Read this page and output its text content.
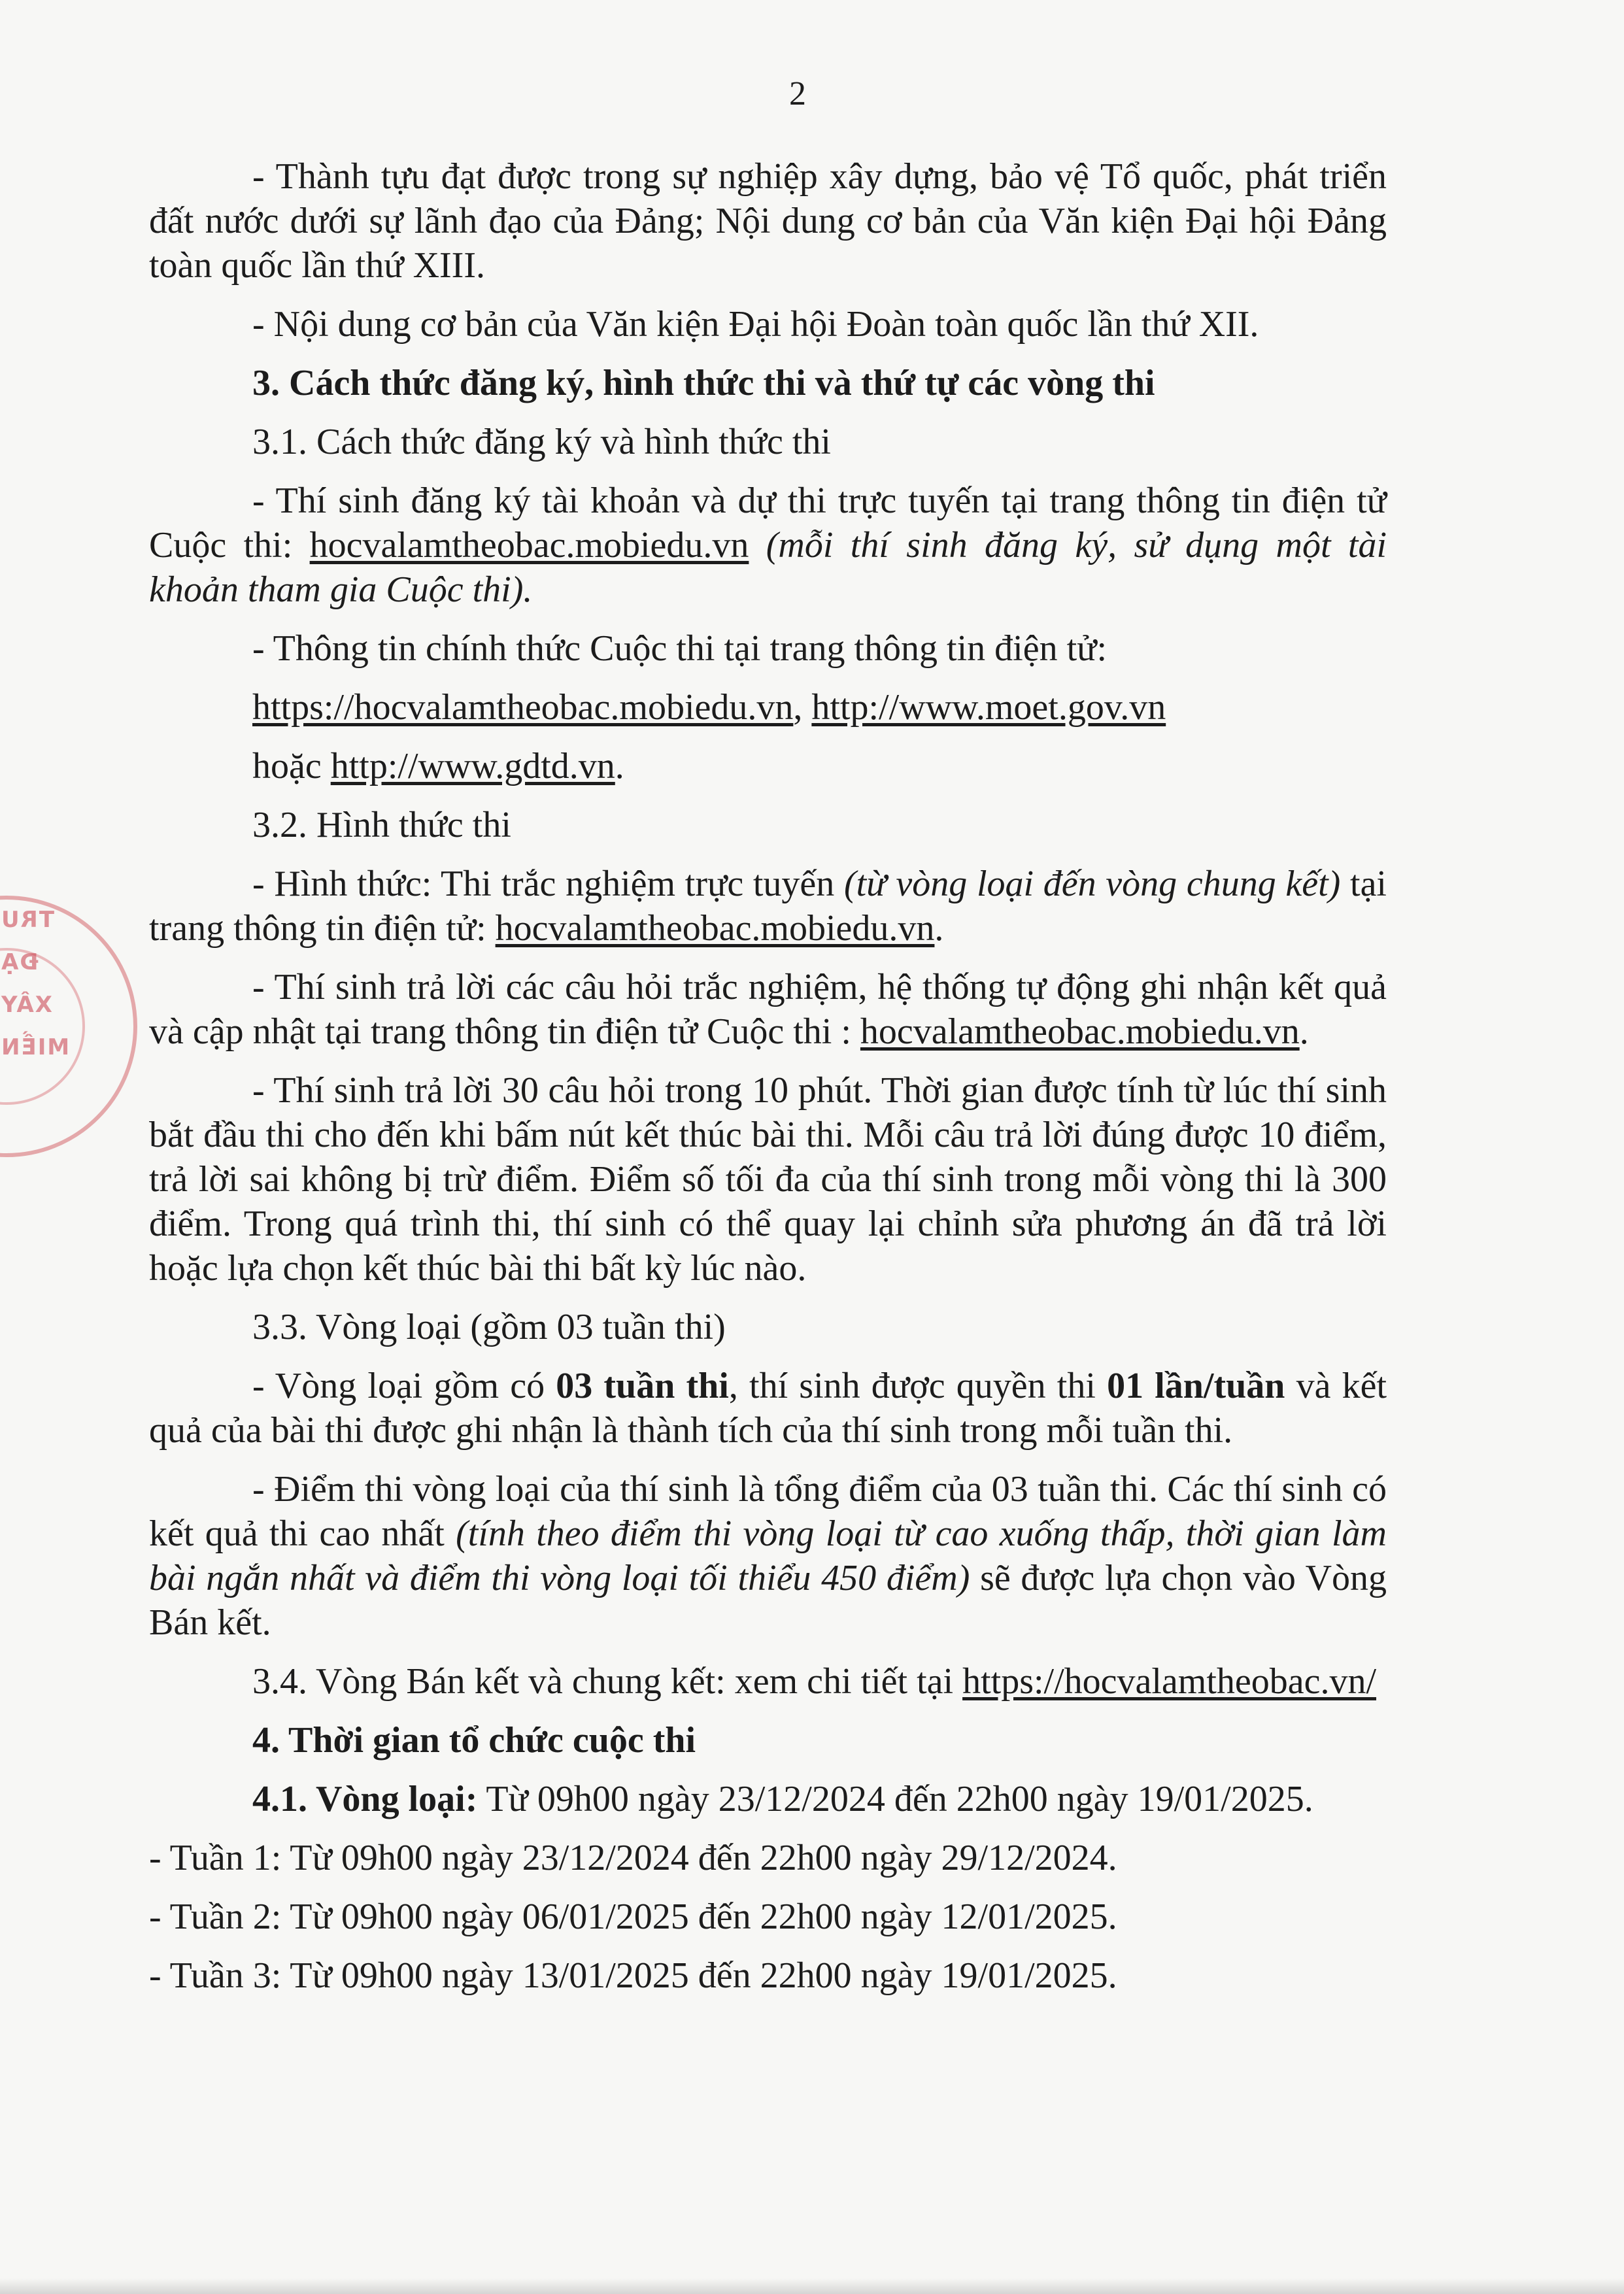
TRU
ĐẠ
XÂY
MIỀN
2

- Thành tựu đạt được trong sự nghiệp xây dựng, bảo vệ Tổ quốc, phát triển đất nước dưới sự lãnh đạo của Đảng; Nội dung cơ bản của Văn kiện Đại hội Đảng toàn quốc lần thứ XIII.

- Nội dung cơ bản của Văn kiện Đại hội Đoàn toàn quốc lần thứ XII.

3. Cách thức đăng ký, hình thức thi và thứ tự các vòng thi

3.1. Cách thức đăng ký và hình thức thi

- Thí sinh đăng ký tài khoản và dự thi trực tuyến tại trang thông tin điện tử Cuộc thi: hocvalamtheobac.mobiedu.vn (mỗi thí sinh đăng ký, sử dụng một tài khoản tham gia Cuộc thi).

- Thông tin chính thức Cuộc thi tại trang thông tin điện tử:

https://hocvalamtheobac.mobiedu.vn, http://www.moet.gov.vn

hoặc http://www.gdtd.vn.

3.2. Hình thức thi

- Hình thức: Thi trắc nghiệm trực tuyến (từ vòng loại đến vòng chung kết) tại trang thông tin điện tử: hocvalamtheobac.mobiedu.vn.

- Thí sinh trả lời các câu hỏi trắc nghiệm, hệ thống tự động ghi nhận kết quả và cập nhật tại trang thông tin điện tử Cuộc thi : hocvalamtheobac.mobiedu.vn.

- Thí sinh trả lời 30 câu hỏi trong 10 phút. Thời gian được tính từ lúc thí sinh bắt đầu thi cho đến khi bấm nút kết thúc bài thi. Mỗi câu trả lời đúng được 10 điểm, trả lời sai không bị trừ điểm. Điểm số tối đa của thí sinh trong mỗi vòng thi là 300 điểm. Trong quá trình thi, thí sinh có thể quay lại chỉnh sửa phương án đã trả lời hoặc lựa chọn kết thúc bài thi bất kỳ lúc nào.

3.3. Vòng loại (gồm 03 tuần thi)

- Vòng loại gồm có 03 tuần thi, thí sinh được quyền thi 01 lần/tuần và kết quả của bài thi được ghi nhận là thành tích của thí sinh trong mỗi tuần thi.

- Điểm thi vòng loại của thí sinh là tổng điểm của 03 tuần thi. Các thí sinh có kết quả thi cao nhất (tính theo điểm thi vòng loại từ cao xuống thấp, thời gian làm bài ngắn nhất và điểm thi vòng loại tối thiểu 450 điểm) sẽ được lựa chọn vào Vòng Bán kết.

3.4. Vòng Bán kết và chung kết: xem chi tiết tại https://hocvalamtheobac.vn/

4. Thời gian tổ chức cuộc thi

4.1. Vòng loại: Từ 09h00 ngày 23/12/2024 đến 22h00 ngày 19/01/2025.

- Tuần 1: Từ 09h00 ngày 23/12/2024 đến 22h00 ngày 29/12/2024.

- Tuần 2: Từ 09h00 ngày 06/01/2025 đến 22h00 ngày 12/01/2025.

- Tuần 3: Từ 09h00 ngày 13/01/2025 đến 22h00 ngày 19/01/2025.
